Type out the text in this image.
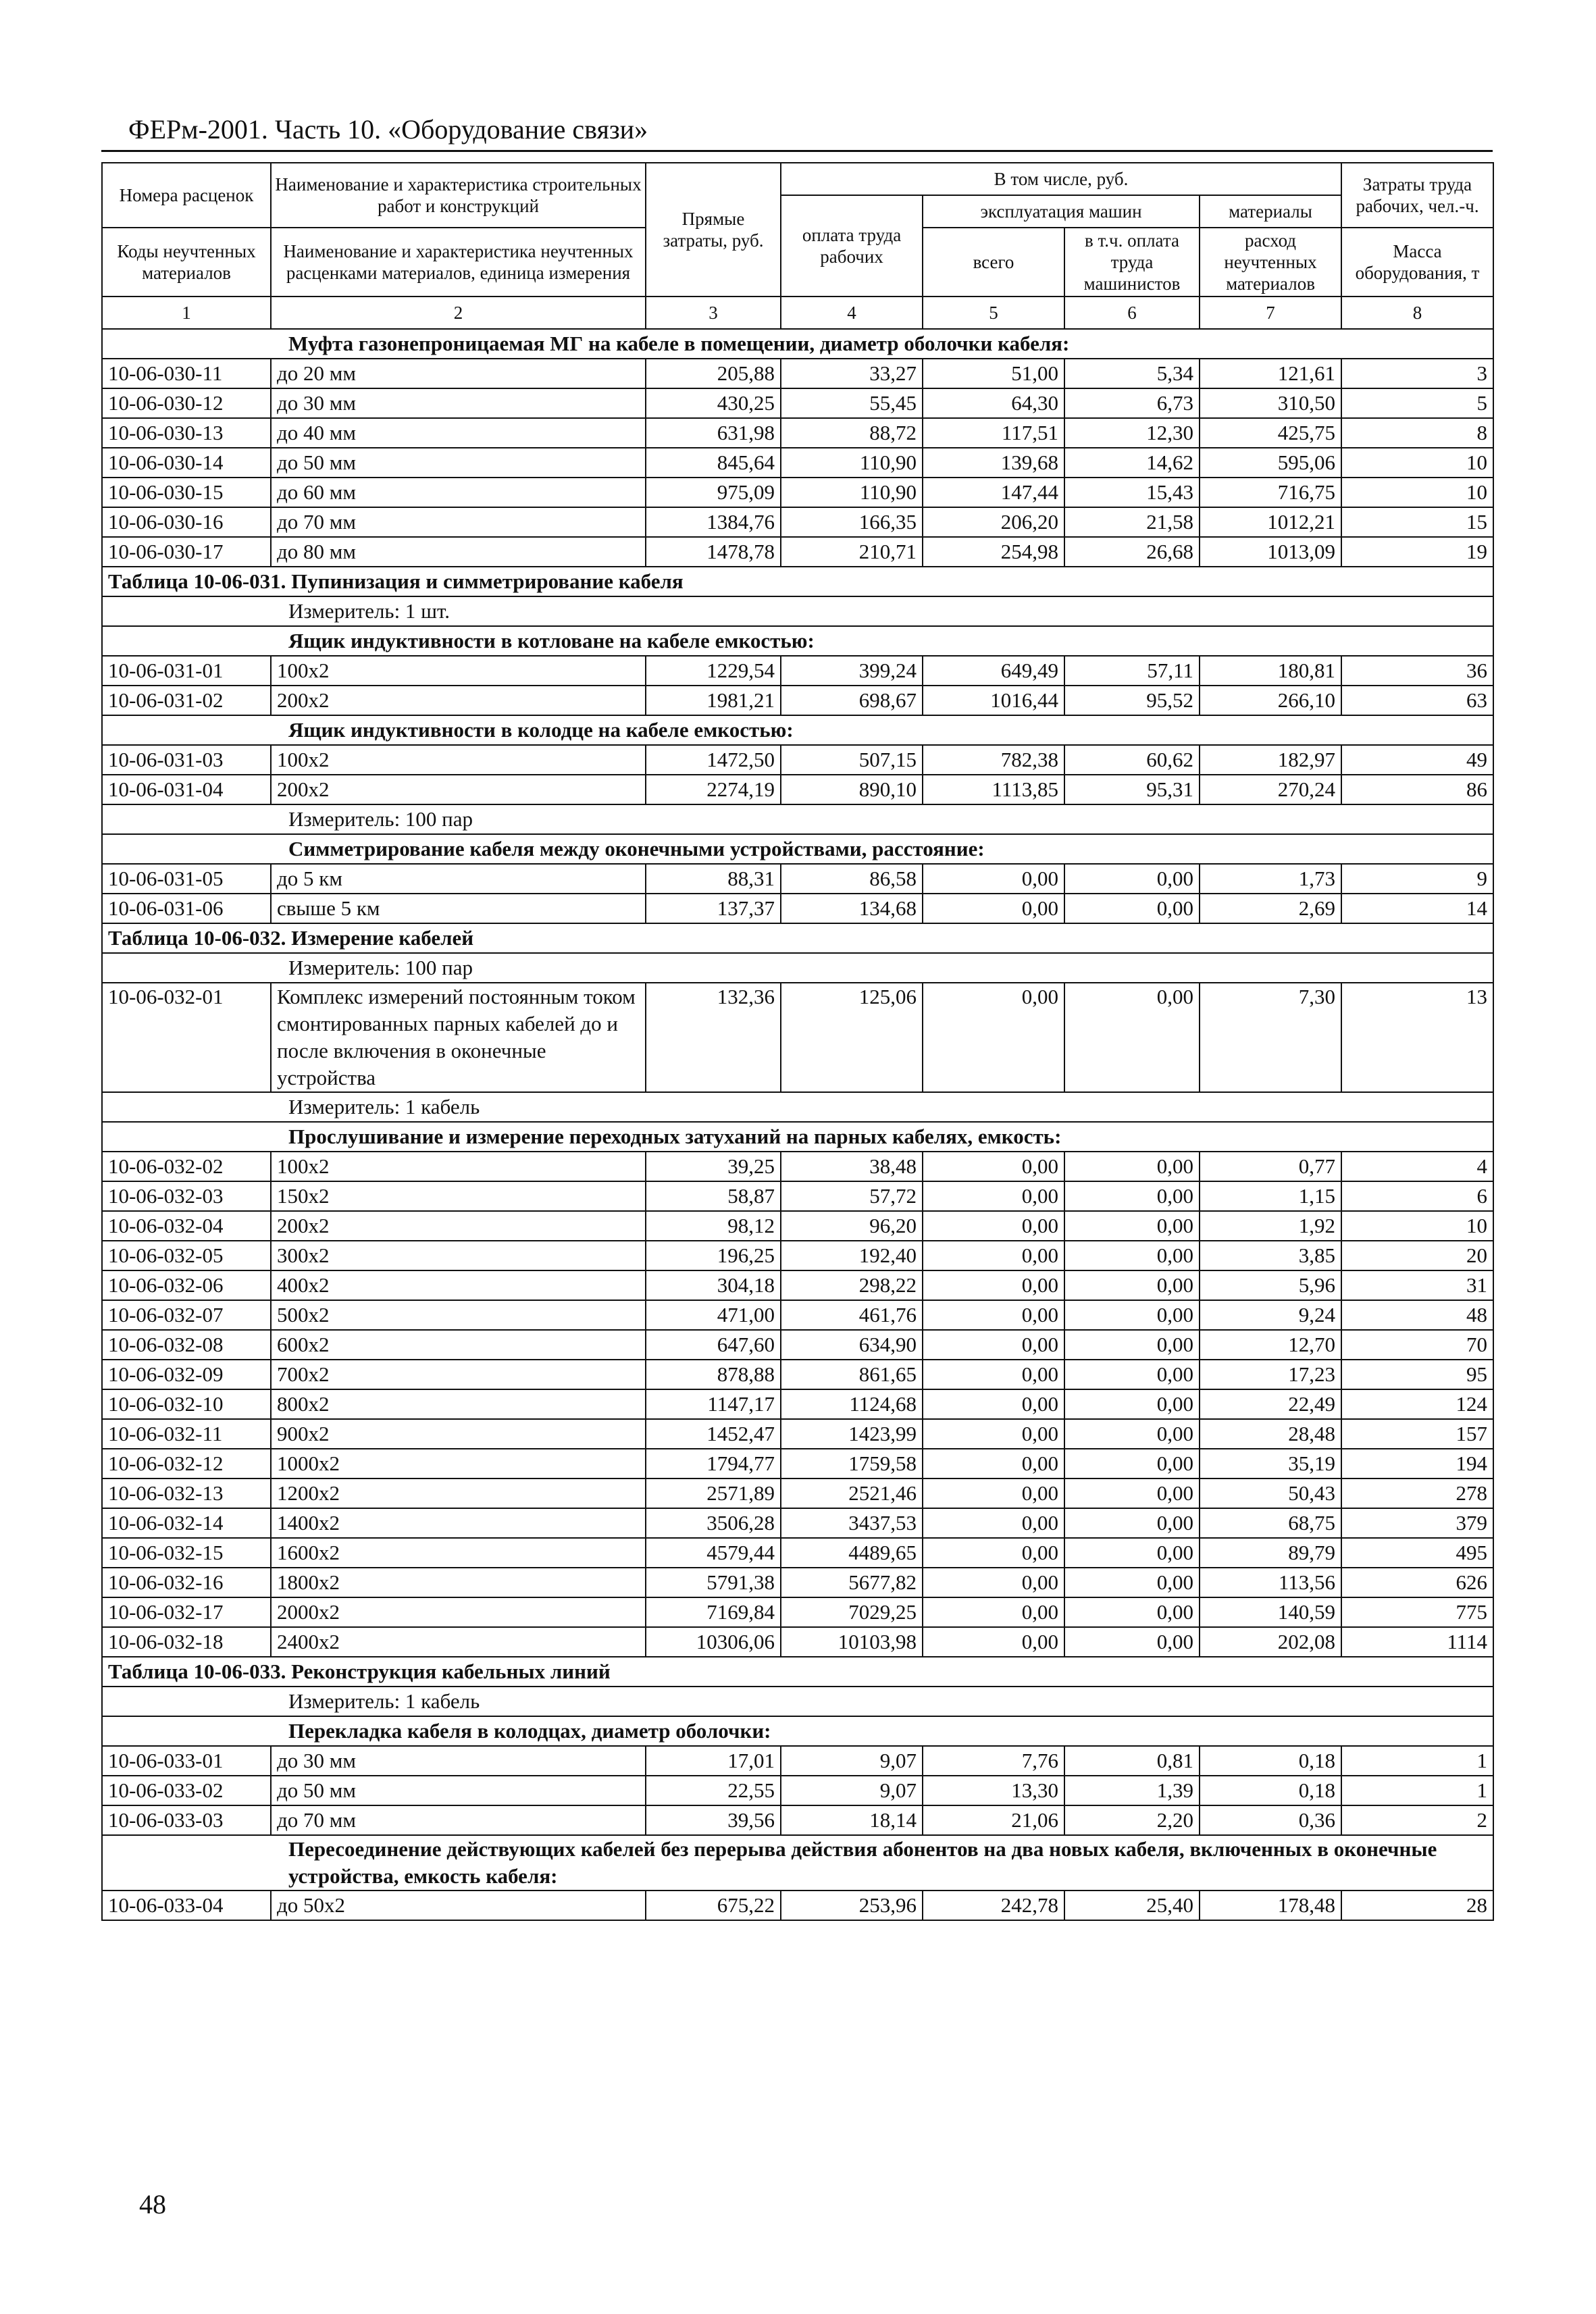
ФЕРм-2001. Часть 10. «Оборудование связи»
Номера расценок	Наименование и характеристика строительных работ и конструкций	Прямые затраты, руб.	В том числе, руб.				Затраты труда рабочих, чел.-ч.
			оплата труда рабочих	эксплуатация машин		материалы	
Коды неучтенных материалов	Наименование и характеристика неучтенных расценками материалов, единица измерения			всего	в т.ч. оплата труда машинистов	расход неучтенных материалов	
							Масса оборудования, т
1	2	3	4	5	6	7	8
Муфта газонепроницаемая МГ на кабеле в помещении, диаметр оболочки кабеля:							
10-06-030-11	до 20 мм	205,88	33,27	51,00	5,34	121,61	3
10-06-030-12	до 30 мм	430,25	55,45	64,30	6,73	310,50	5
10-06-030-13	до 40 мм	631,98	88,72	117,51	12,30	425,75	8
10-06-030-14	до 50 мм	845,64	110,90	139,68	14,62	595,06	10
10-06-030-15	до 60 мм	975,09	110,90	147,44	15,43	716,75	10
10-06-030-16	до 70 мм	1384,76	166,35	206,20	21,58	1012,21	15
10-06-030-17	до 80 мм	1478,78	210,71	254,98	26,68	1013,09	19
Таблица 10-06-031. Пупинизация и симметрирование кабеля							
Измеритель: 1 шт.							
Ящик индуктивности в котловане на кабеле емкостью:							
10-06-031-01	100х2	1229,54	399,24	649,49	57,11	180,81	36
10-06-031-02	200х2	1981,21	698,67	1016,44	95,52	266,10	63
Ящик индуктивности в колодце на кабеле емкостью:							
10-06-031-03	100х2	1472,50	507,15	782,38	60,62	182,97	49
10-06-031-04	200х2	2274,19	890,10	1113,85	95,31	270,24	86
Измеритель: 100 пар							
Симметрирование кабеля между оконечными устройствами, расстояние:							
10-06-031-05	до 5 км	88,31	86,58	0,00	0,00	1,73	9
10-06-031-06	свыше 5 км	137,37	134,68	0,00	0,00	2,69	14
Таблица 10-06-032. Измерение кабелей							
Измеритель: 100 пар							
10-06-032-01	Комплекс измерений постоянным током смонтированных парных кабелей до и после включения в оконечные устройства	132,36	125,06	0,00	0,00	7,30	13
Измеритель: 1 кабель							
Прослушивание и измерение переходных затуханий на парных кабелях, емкость:							
10-06-032-02	100х2	39,25	38,48	0,00	0,00	0,77	4
10-06-032-03	150х2	58,87	57,72	0,00	0,00	1,15	6
10-06-032-04	200х2	98,12	96,20	0,00	0,00	1,92	10
10-06-032-05	300х2	196,25	192,40	0,00	0,00	3,85	20
10-06-032-06	400х2	304,18	298,22	0,00	0,00	5,96	31
10-06-032-07	500х2	471,00	461,76	0,00	0,00	9,24	48
10-06-032-08	600х2	647,60	634,90	0,00	0,00	12,70	70
10-06-032-09	700х2	878,88	861,65	0,00	0,00	17,23	95
10-06-032-10	800х2	1147,17	1124,68	0,00	0,00	22,49	124
10-06-032-11	900х2	1452,47	1423,99	0,00	0,00	28,48	157
10-06-032-12	1000х2	1794,77	1759,58	0,00	0,00	35,19	194
10-06-032-13	1200х2	2571,89	2521,46	0,00	0,00	50,43	278
10-06-032-14	1400х2	3506,28	3437,53	0,00	0,00	68,75	379
10-06-032-15	1600х2	4579,44	4489,65	0,00	0,00	89,79	495
10-06-032-16	1800х2	5791,38	5677,82	0,00	0,00	113,56	626
10-06-032-17	2000х2	7169,84	7029,25	0,00	0,00	140,59	775
10-06-032-18	2400х2	10306,06	10103,98	0,00	0,00	202,08	1114
Таблица 10-06-033. Реконструкция кабельных линий							
Измеритель: 1 кабель							
Перекладка кабеля в колодцах, диаметр оболочки:							
10-06-033-01	до 30 мм	17,01	9,07	7,76	0,81	0,18	1
10-06-033-02	до 50 мм	22,55	9,07	13,30	1,39	0,18	1
10-06-033-03	до 70 мм	39,56	18,14	21,06	2,20	0,36	2
Пересоединение действующих кабелей без перерыва действия абонентов на два новых кабеля, включенных в оконечные устройства, емкость кабеля:							
10-06-033-04	до 50х2	675,22	253,96	242,78	25,40	178,48	28
48
